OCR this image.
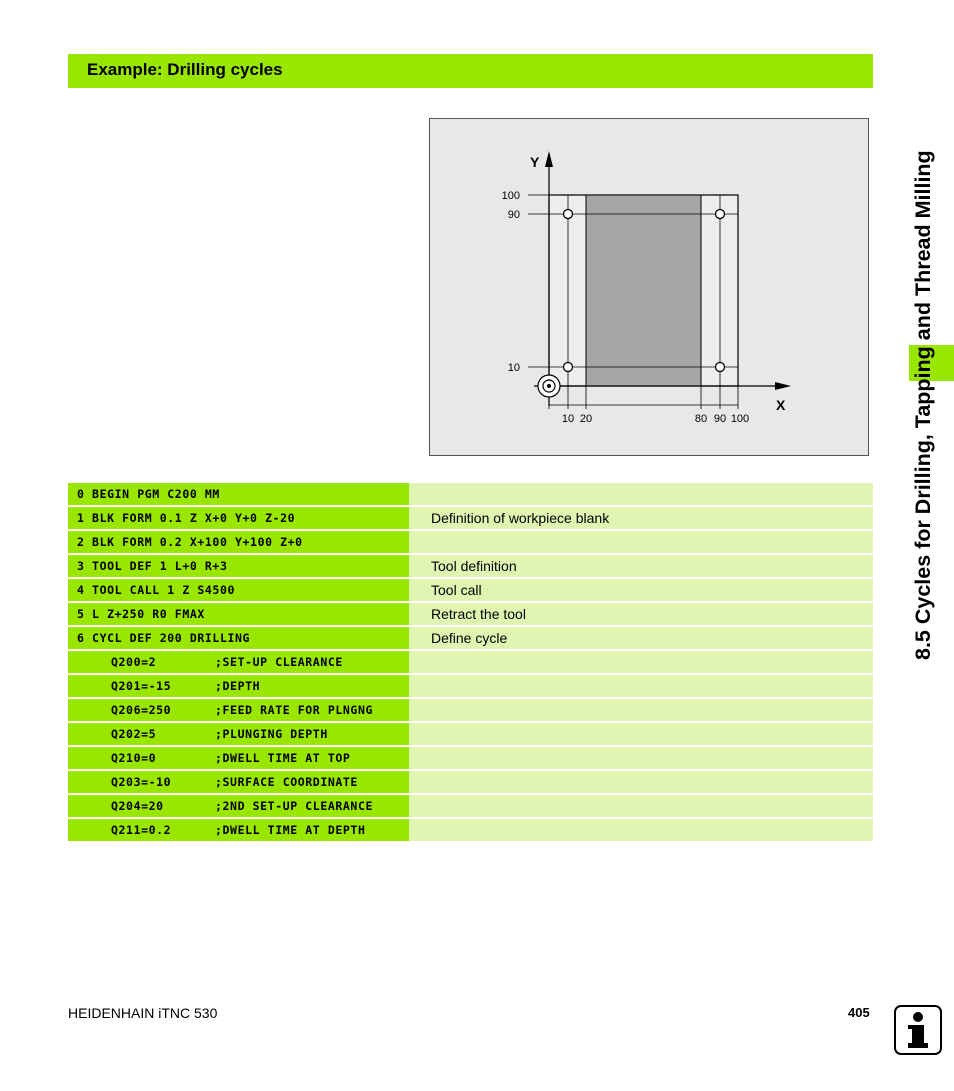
Example: Drilling cycles
Y
X
100
90
10
10 20	80 90 100
0 BEGIN PGM C200 MM
1 BLK FORM 0.1 Z X+0 Y+0 Z-20	Definition of workpiece blank
2 BLK FORM 0.2 X+100 Y+100 Z+0
3 TOOL DEF 1 L+0 R+3	Tool definition
4 TOOL CALL 1 Z S4500	Tool call
5 L Z+250 R0 FMAX	Retract the tool
6 CYCL DEF 200 DRILLING	Define cycle
Q200=2	;SET-UP CLEARANCE
Q201=-15	;DEPTH
Q206=250	;FEED RATE FOR PLNGNG
Q202=5	;PLUNGING DEPTH
Q210=0	;DWELL TIME AT TOP
Q203=-10	;SURFACE COORDINATE
Q204=20	;2ND SET-UP CLEARANCE
Q211=0.2	;DWELL TIME AT DEPTH
8.5 Cycles for Drilling, Tapping and Thread Milling
HEIDENHAIN iTNC 530	405
